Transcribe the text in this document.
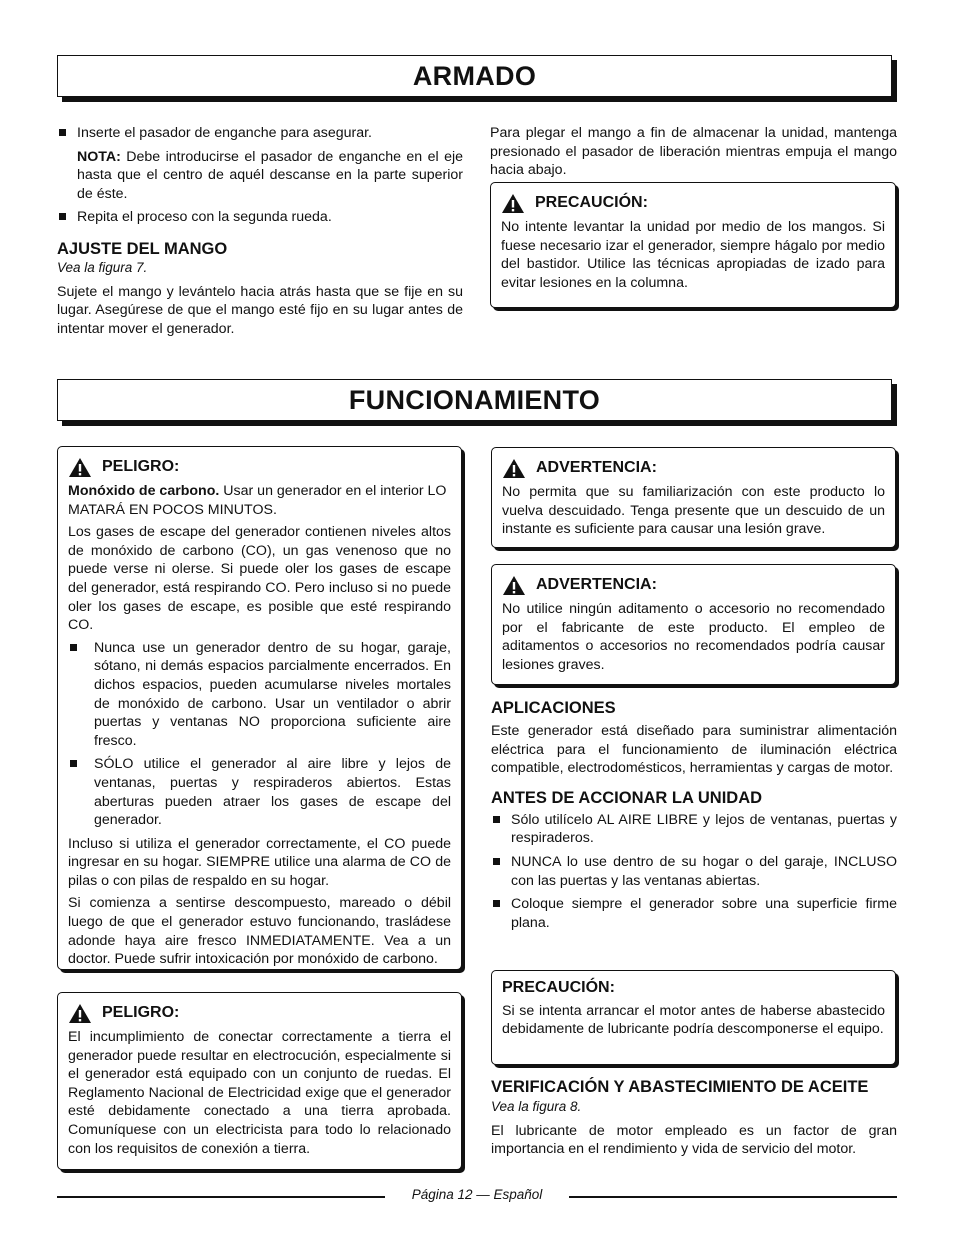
ARMADO
Inserte el pasador de enganche para asegurar.

NOTA: Debe introducirse el pasador de enganche en el eje hasta que el centro de aquél descanse en la parte superior de éste.

Repita el proceso con la segunda rueda.
AJUSTE DEL MANGO

Vea la figura 7.

Sujete el mango y levántelo hacia atrás hasta que se fije en su lugar. Asegúrese de que el mango esté fijo en su lugar antes de intentar mover el generador.

Para plegar el mango a fin de almacenar la unidad, mantenga presionado el pasador de liberación mientras empuja el mango hacia abajo.

PRECAUCIÓN:

No intente levantar la unidad por medio de los mangos. Si fuese necesario izar el generador, siempre hágalo por medio del bastidor. Utilice las técnicas apropiadas de izado para evitar lesiones en la columna.

FUNCIONAMIENTO
PELIGRO:

Monóxido de carbono. Usar un generador en el interior LO MATARÁ EN POCOS MINUTOS.

Los gases de escape del generador contienen niveles altos de monóxido de carbono (CO), un gas venenoso que no puede verse ni olerse. Si puede oler los gases de escape del generador, está respirando CO. Pero incluso si no puede oler los gases de escape, es posible que esté respirando CO.

Nunca use un generador dentro de su hogar, garaje, sótano, ni demás espacios parcialmente encerrados. En dichos espacios, pueden acumularse niveles mortales de monóxido de carbono. Usar un ventilador o abrir puertas y ventanas NO proporciona suficiente aire fresco.
SÓLO utilice el generador al aire libre y lejos de ventanas, puertas y respiraderos abiertos. Estas aberturas pueden atraer los gases de escape del generador.

Incluso si utiliza el generador correctamente, el CO puede ingresar en su hogar. SIEMPRE utilice una alarma de CO de pilas o con pilas de respaldo en su hogar.

Si comienza a sentirse descompuesto, mareado o débil luego de que el generador estuvo funcionando, trasládese adonde haya aire fresco INMEDIATAMENTE. Vea a un doctor. Puede sufrir intoxicación por monóxido de carbono.

PELIGRO:

El incumplimiento de conectar correctamente a tierra el generador puede resultar en electrocución, especialmente si el generador está equipado con un conjunto de ruedas. El Reglamento Nacional de Electricidad exige que el generador esté debidamente conectado a una tierra aprobada. Comuníquese con un electricista para todo lo relacionado con los requisitos de conexión a tierra.

ADVERTENCIA:

No permita que su familiarización con este producto lo vuelva descuidado. Tenga presente que un descuido de un instante es suficiente para causar una lesión grave.

ADVERTENCIA:

No utilice ningún aditamento o accesorio no recomendado por el fabricante de este producto. El empleo de aditamentos o accesorios no recomendados podría causar lesiones graves.

APLICACIONES

Este generador está diseñado para suministrar alimentación eléctrica para el funcionamiento de iluminación eléctrica compatible, electrodomésticos, herramientas y cargas de motor.

ANTES DE ACCIONAR LA UNIDAD
Sólo utilícelo AL AIRE LIBRE y lejos de ventanas, puertas y respiraderos.
NUNCA lo use dentro de su hogar o del garaje, INCLUSO con las puertas y las ventanas abiertas.
Coloque siempre el generador sobre una superficie firme plana.
PRECAUCIÓN:

Si se intenta arrancar el motor antes de haberse abastecido debidamente de lubricante podría descomponerse el equipo.

VERIFICACIÓN Y ABASTECIMIENTO DE ACEITE

Vea la figura 8.

El lubricante de motor empleado es un factor de gran importancia en el rendimiento y vida de servicio del motor.

Página 12 — Español
